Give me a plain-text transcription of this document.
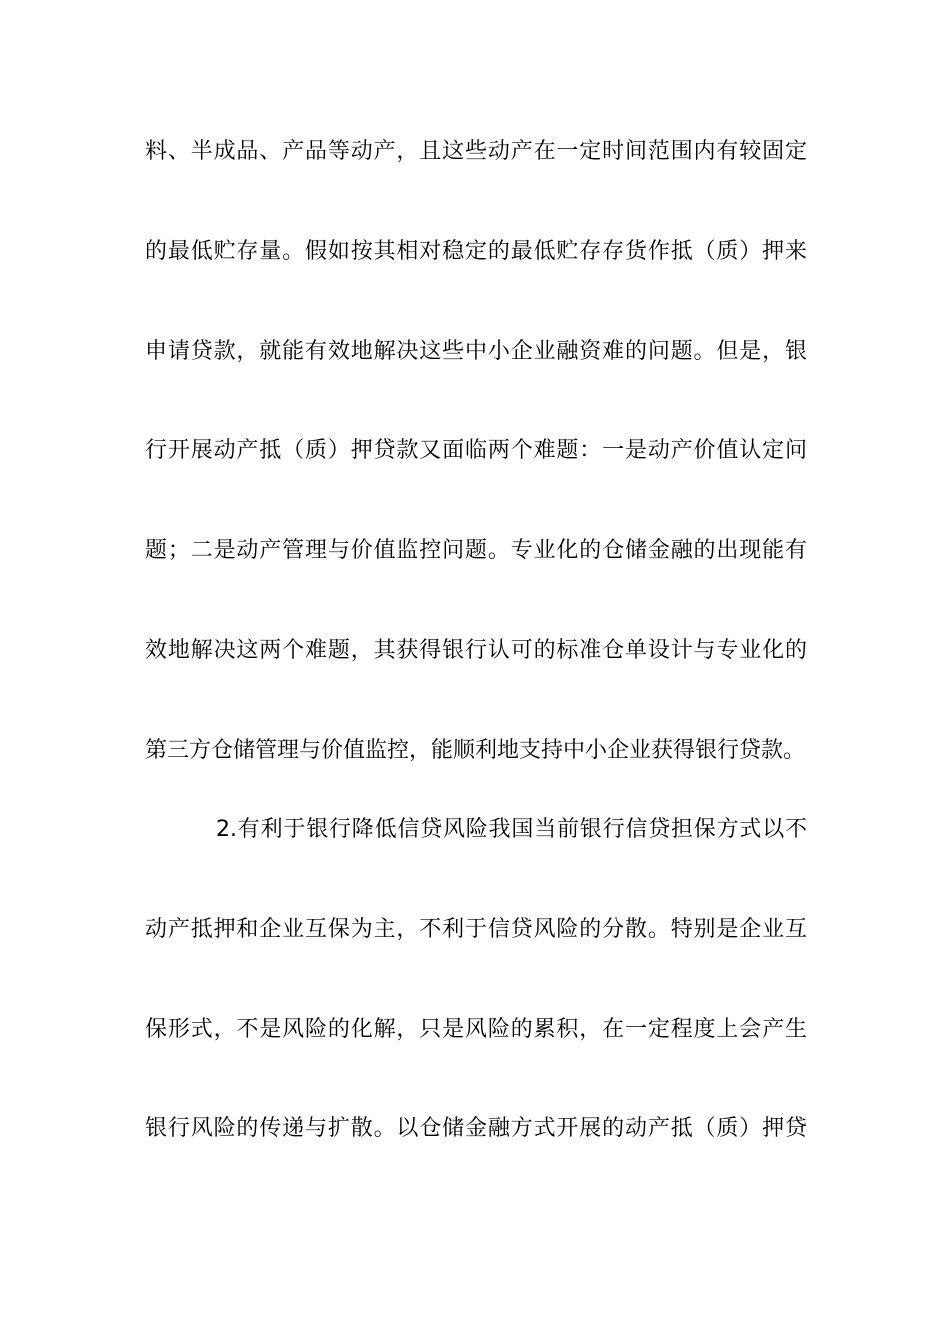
料、半成品、产品等动产，且这些动产在一定时间范围内有较固定
的最低贮存量。假如按其相对稳定的最低贮存存货作抵（质）押来
申请贷款，就能有效地解决这些中小企业融资难的问题。但是，银
行开展动产抵（质）押贷款又面临两个难题：一是动产价值认定问
题；二是动产管理与价值监控问题。专业化的仓储金融的出现能有
效地解决这两个难题，其获得银行认可的标准仓单设计与专业化的
第三方仓储管理与价值监控，能顺利地支持中小企业获得银行贷款。
2.有利于银行降低信贷风险我国当前银行信贷担保方式以不
动产抵押和企业互保为主，不利于信贷风险的分散。特别是企业互
保形式，不是风险的化解，只是风险的累积，在一定程度上会产生
银行风险的传递与扩散。以仓储金融方式开展的动产抵（质）押贷
